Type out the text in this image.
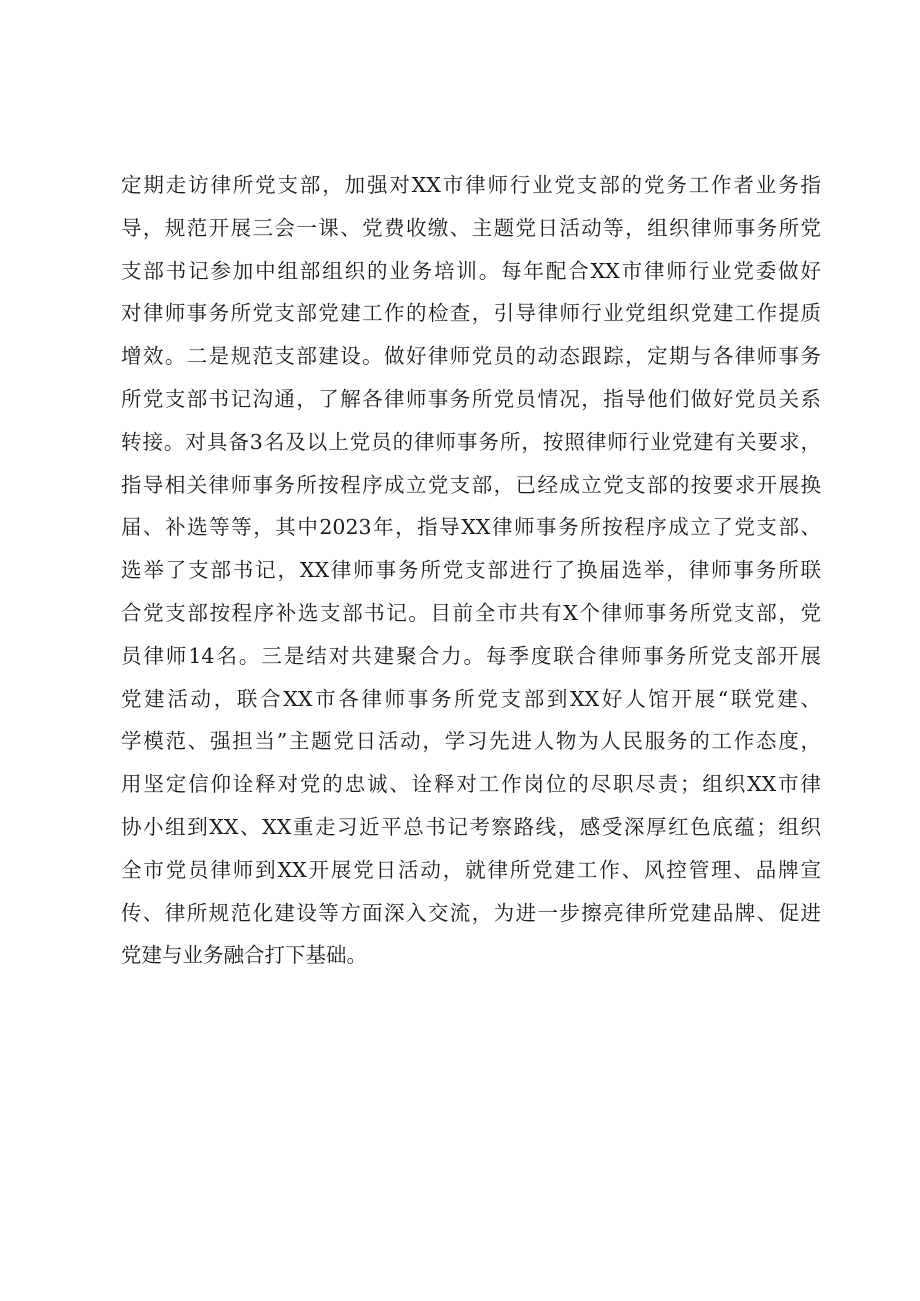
定期走访律所党支部，加强对XX市律师行业党支部的党务工作者业务指
导，规范开展三会一课、党费收缴、主题党日活动等，组织律师事务所党
支部书记参加中组部组织的业务培训。每年配合XX市律师行业党委做好
对律师事务所党支部党建工作的检查，引导律师行业党组织党建工作提质
增效。二是规范支部建设。做好律师党员的动态跟踪，定期与各律师事务
所党支部书记沟通，了解各律师事务所党员情况，指导他们做好党员关系
转接。对具备3名及以上党员的律师事务所，按照律师行业党建有关要求，
指导相关律师事务所按程序成立党支部，已经成立党支部的按要求开展换
届、补选等等，其中2023年，指导XX律师事务所按程序成立了党支部、
选举了支部书记，XX律师事务所党支部进行了换届选举，律师事务所联
合党支部按程序补选支部书记。目前全市共有X个律师事务所党支部，党
员律师14名。三是结对共建聚合力。每季度联合律师事务所党支部开展
党建活动，联合XX市各律师事务所党支部到XX好人馆开展“联党建、
学模范、强担当”主题党日活动，学习先进人物为人民服务的工作态度，
用坚定信仰诠释对党的忠诚、诠释对工作岗位的尽职尽责；组织XX市律
协小组到XX、XX重走习近平总书记考察路线，感受深厚红色底蕴；组织
全市党员律师到XX开展党日活动，就律所党建工作、风控管理、品牌宣
传、律所规范化建设等方面深入交流，为进一步擦亮律所党建品牌、促进
党建与业务融合打下基础。
